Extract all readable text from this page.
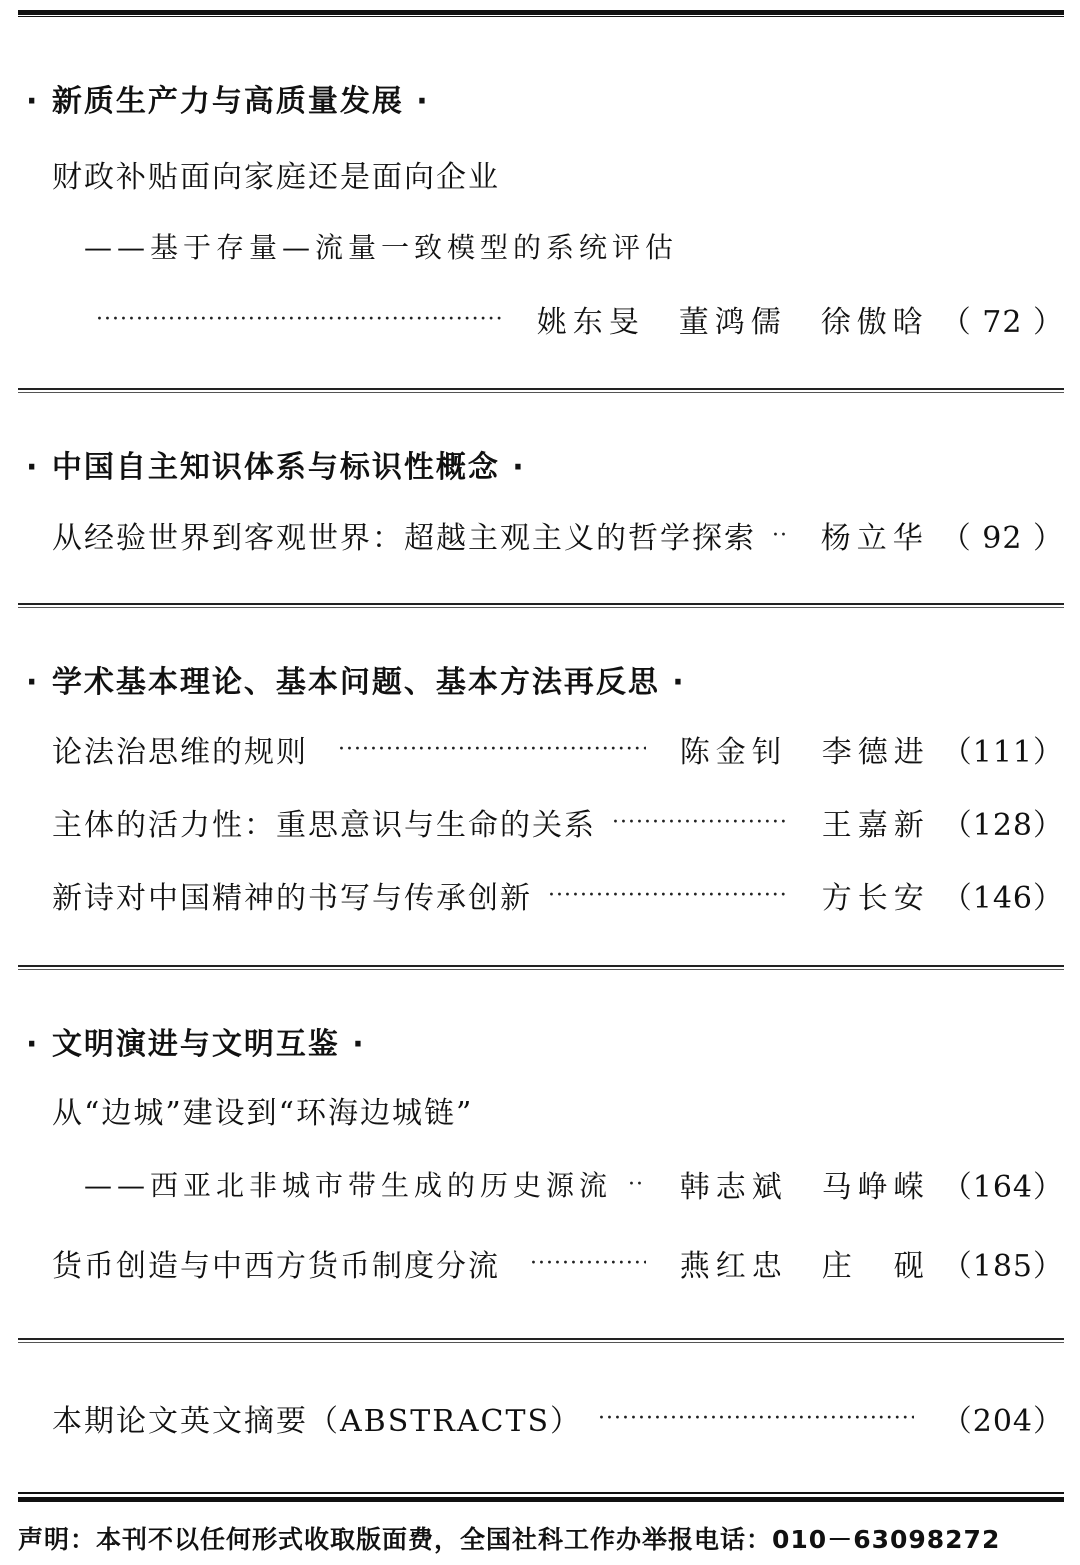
· 新质生产力与高质量发展 ·
财政补贴面向家庭还是面向企业
——基于存量—流量一致模型的系统评估
·····
姚东旻 董鸿儒 徐傲晗 （ 72 ）
· 中国自主知识体系与标识性概念 ·
从经验世界到客观世界：超越主观主义的哲学探索 ····· 杨立华 （ 92 ）
· 学术基本理论、基本问题、基本方法再反思 ·
论法治思维的规则 ·····	陈金钊 李德进 （111）
主体的活力性：重思意识与生命的关系 ·····	王嘉新 （128）
新诗对中国精神的书写与传承创新 ·····	方长安 （146）
· 文明演进与文明互鉴 ·
从“边城”建设到“环海边城链”
——西亚北非城市带生成的历史源流 ····· 韩志斌 马峥嵘 （164）
货币创造与中西方货币制度分流 ·····	燕红忠 庄　砚 （185）
本期论文英文摘要（ABSTRACTS） ·····	（204）
声明：本刊不以任何形式收取版面费，全国社科工作办举报电话：010－63098272
